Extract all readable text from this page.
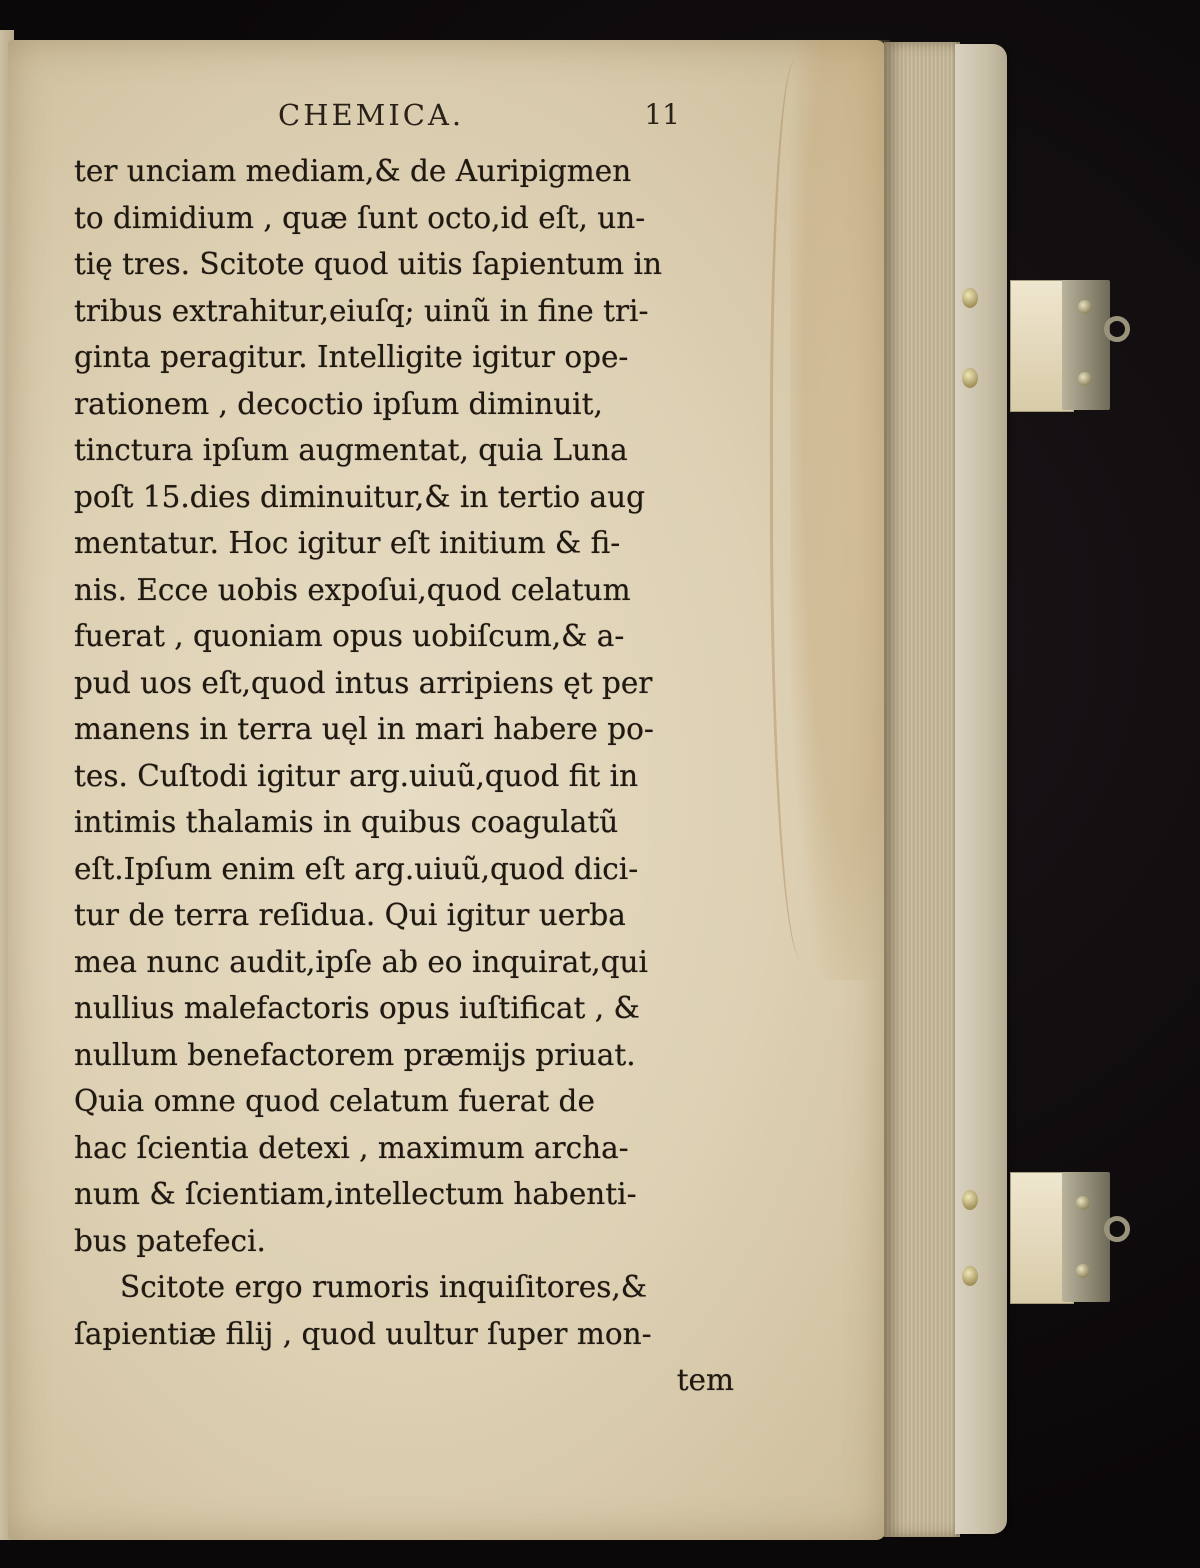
CHEMICA.	11
ter unciam mediam,& de Auripigmen
to dimidium , quæ ſunt octo,id eſt, un-
tię tres. Scitote quod uitis ſapientum in
tribus extrahitur,eiuſq; uinũ in fine tri-
ginta peragitur. Intelligite igitur ope-
rationem , decoctio ipſum diminuit,
tinctura ipſum augmentat, quia Luna
poſt 15.dies diminuitur,& in tertio aug
mentatur. Hoc igitur eſt initium & fi-
nis. Ecce uobis expoſui,quod celatum
fuerat , quoniam opus uobiſcum,& a-
pud uos eſt,quod intus arripiens ęt per
manens in terra uęl in mari habere po-
tes. Cuſtodi igitur arg.uiuũ,quod fit in
intimis thalamis in quibus coagulatũ
eſt.Ipſum enim eſt arg.uiuũ,quod dici-
tur de terra reſidua. Qui igitur uerba
mea nunc audit,ipſe ab eo inquirat,qui
nullius malefactoris opus iuſtificat , &
nullum benefactorem præmijs priuat.
Quia omne quod celatum fuerat de
hac ſcientia detexi , maximum archa-
num & ſcientiam,intellectum habenti-
bus patefeci.
Scitote ergo rumoris inquiſitores,&
ſapientiæ filij , quod uultur ſuper mon-
tem
